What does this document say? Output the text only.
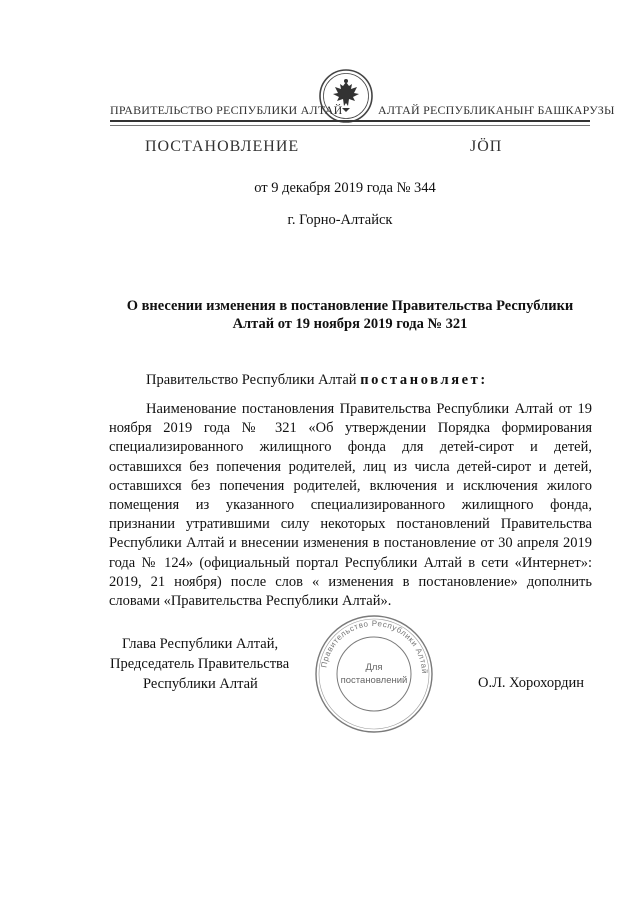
ПРАВИТЕЛЬСТВО РЕСПУБЛИКИ АЛТАЙ	АЛТАЙ РЕСПУБЛИКАНЫҤ БАШКАРУЗЫ
ПОСТАНОВЛЕНИЕ	JÖП
от 9 декабря 2019 года № 344
г. Горно-Алтайск
О внесении изменения в постановление Правительства Республики Алтай от 19 ноября 2019 года № 321
Правительство Республики Алтай постановляет:

Наименование постановления Правительства Республики Алтай от 19 ноября 2019 года № 321 «Об утверждении Порядка формирования специализированного жилищного фонда для детей-сирот и детей, оставшихся без попечения родителей, лиц из числа детей-сирот и детей, оставшихся без попечения родителей, включения и исключения жилого помещения из указанного специализированного жилищного фонда, признании утратившими силу некоторых постановлений Правительства Республики Алтай и внесении изменения в постановление от 30 апреля 2019 года № 124» (официальный портал Республики Алтай в сети «Интернет»: 2019, 21 ноября) после слов « изменения в постановление» дополнить словами «Правительства Республики Алтай».

Глава Республики Алтай,
Председатель Правительства
Республики Алтай
Правительство Республики Алтай
Для
постановлений	О.Л. Хорохордин
